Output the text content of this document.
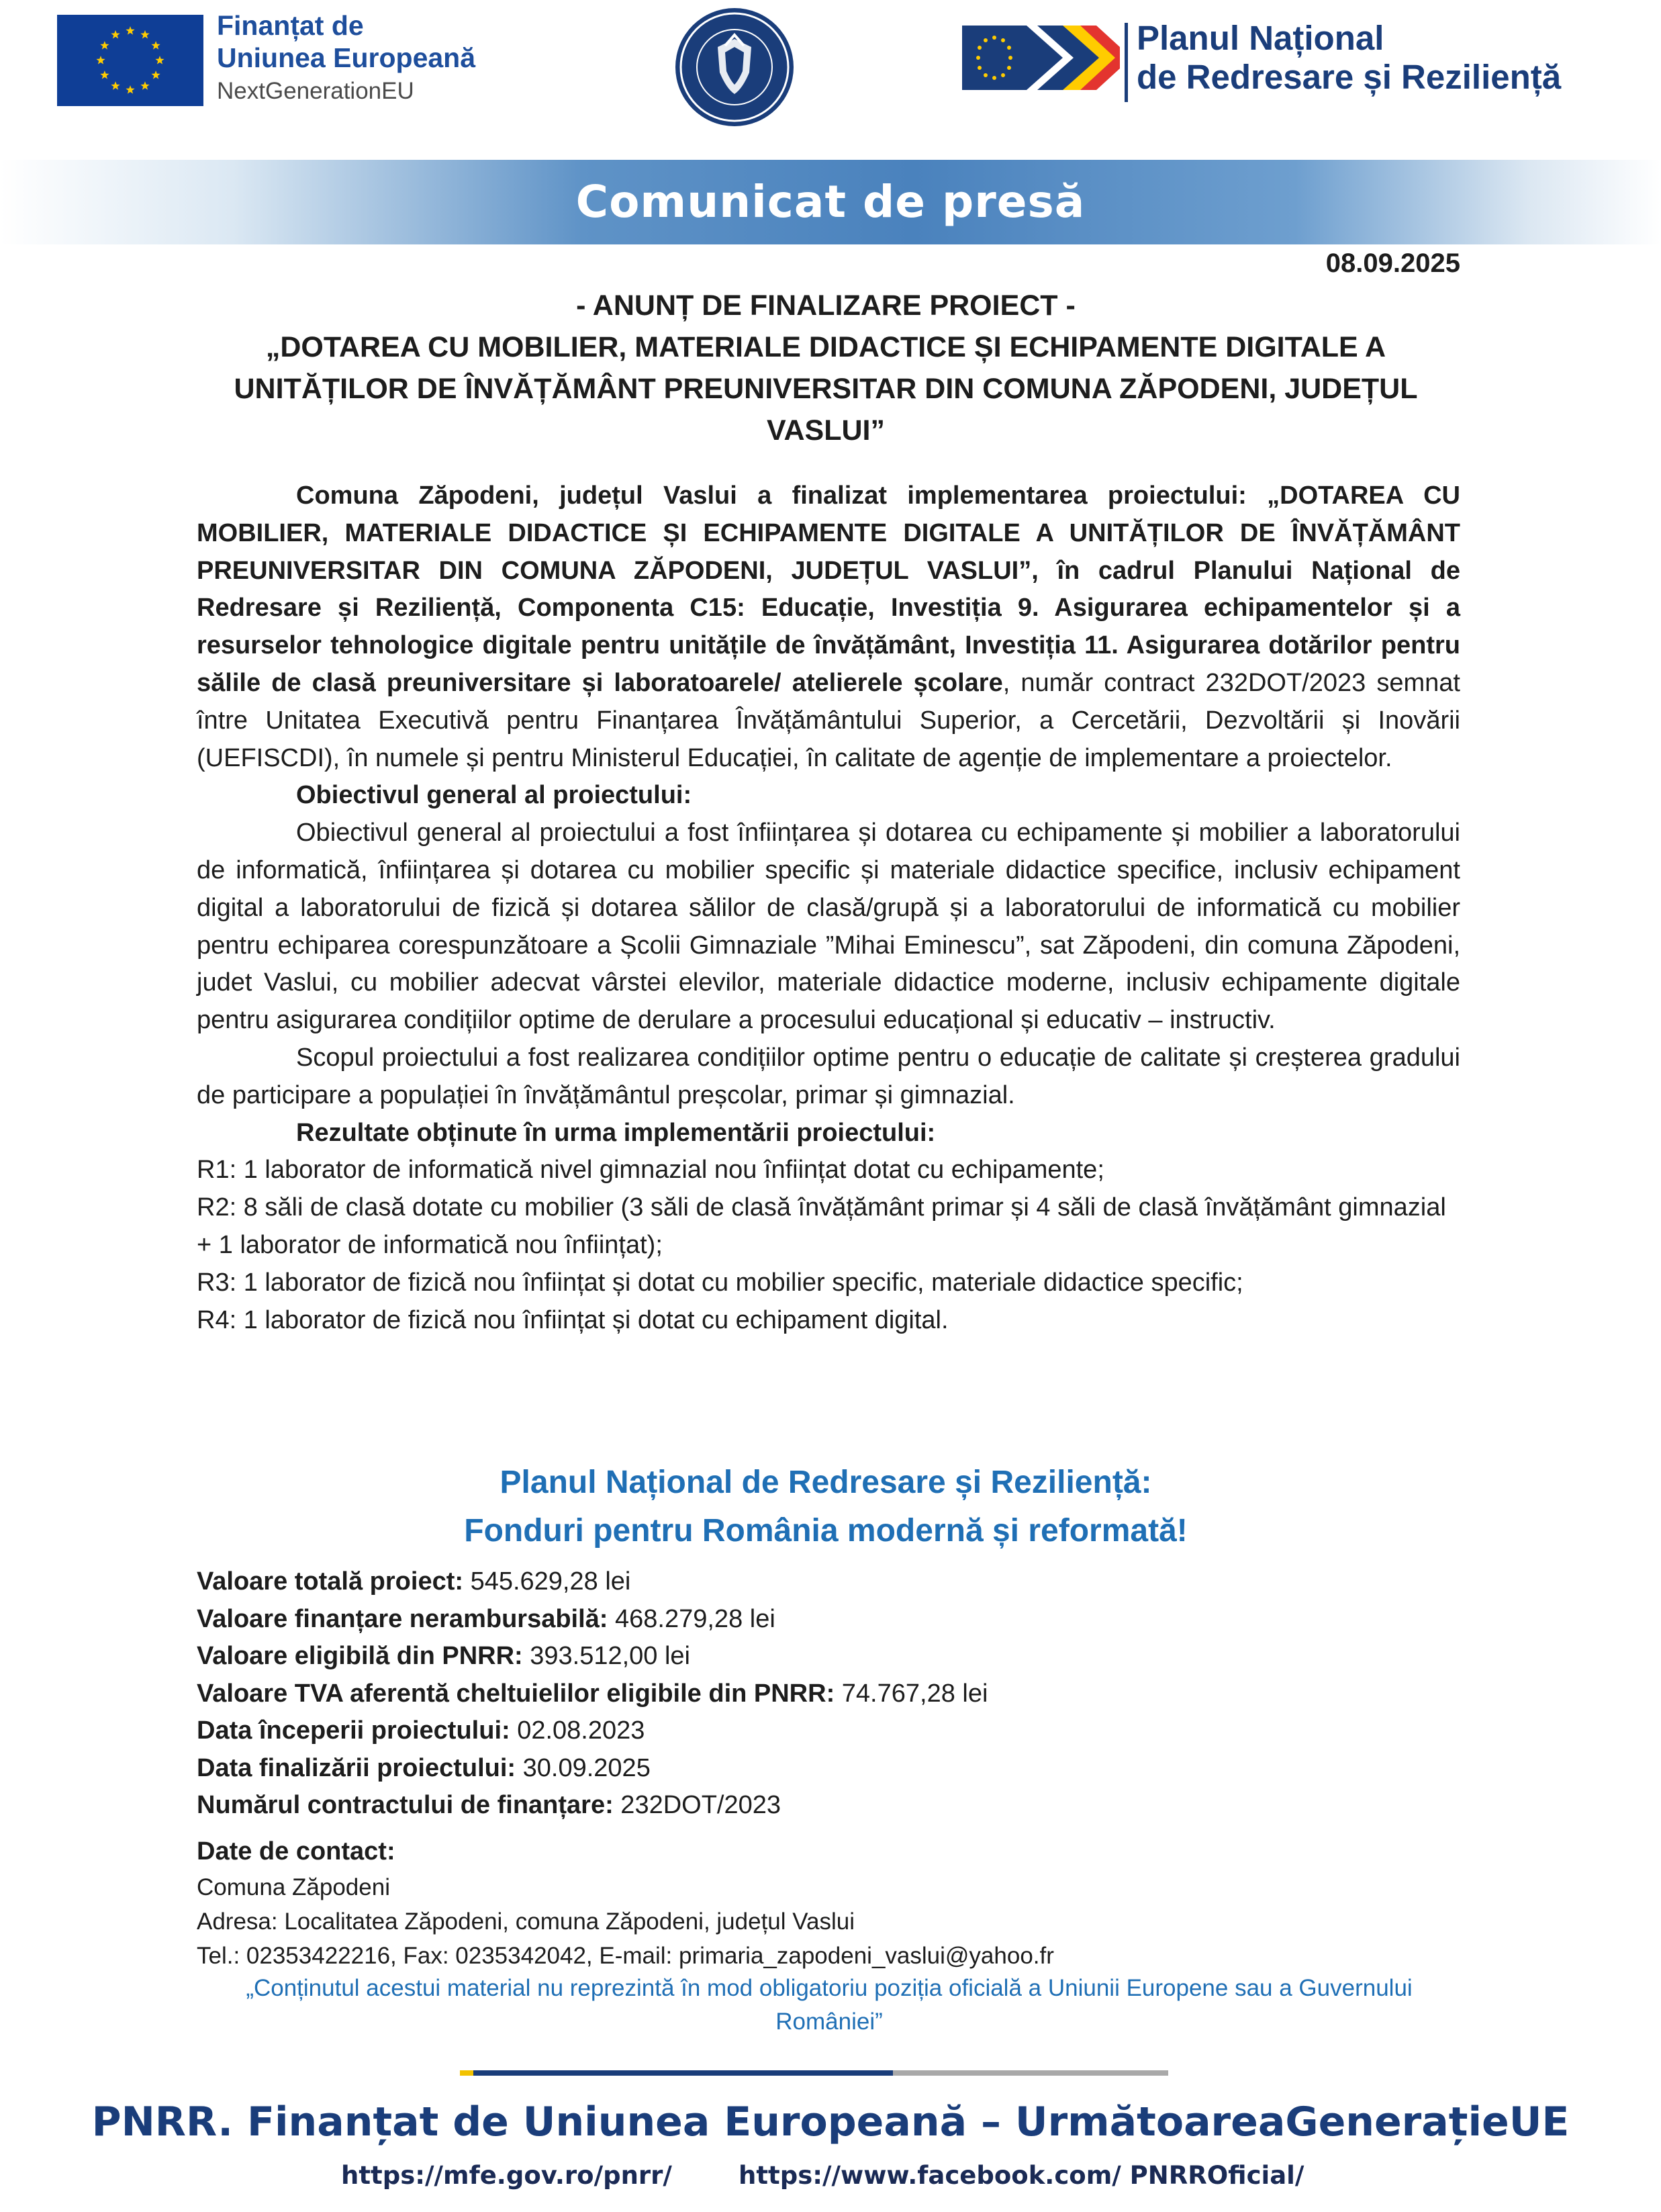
Finanțat de
Uniunea Europeană
NextGenerationEU
Planul Național
de Redresare și Reziliență
Comunicat de presă
08.09.2025
- ANUNȚ DE FINALIZARE PROIECT -
„DOTAREA CU MOBILIER, MATERIALE DIDACTICE ȘI ECHIPAMENTE DIGITALE A UNITĂȚILOR DE ÎNVĂȚĂMÂNT PREUNIVERSITAR DIN COMUNA ZĂPODENI, JUDEȚUL VASLUI”

Comuna Zăpodeni, județul Vaslui a finalizat implementarea proiectului: „DOTAREA CU MOBILIER, MATERIALE DIDACTICE ȘI ECHIPAMENTE DIGITALE A UNITĂȚILOR DE ÎNVĂȚĂMÂNT PREUNIVERSITAR DIN COMUNA ZĂPODENI, JUDEȚUL VASLUI”, în cadrul Planului Național de Redresare și Reziliență, Componenta C15: Educație, Investiția 9. Asigurarea echipamentelor și a resurselor tehnologice digitale pentru unitățile de învățământ, Investiția 11. Asigurarea dotărilor pentru sălile de clasă preuniversitare și laboratoarele/ atelierele școlare, număr contract 232DOT/2023 semnat între Unitatea Executivă pentru Finanțarea Învățământului Superior, a Cercetării, Dezvoltării și Inovării (UEFISCDI), în numele și pentru Ministerul Educației, în calitate de agenție de implementare a proiectelor.

Obiectivul general al proiectului:

Obiectivul general al proiectului a fost înființarea și dotarea cu echipamente și mobilier a laboratorului de informatică, înființarea și dotarea cu mobilier specific și materiale didactice specifice, inclusiv echipament digital a laboratorului de fizică și dotarea sălilor de clasă/grupă și a laboratorului de informatică cu mobilier pentru echiparea corespunzătoare a Școlii Gimnaziale ”Mihai Eminescu”, sat Zăpodeni, din comuna Zăpodeni, judet Vaslui, cu mobilier adecvat vârstei elevilor, materiale didactice moderne, inclusiv echipamente digitale pentru asigurarea condițiilor optime de derulare a procesului educațional și educativ – instructiv.

Scopul proiectului a fost realizarea condițiilor optime pentru o educație de calitate și creșterea gradului de participare a populației în învățământul preșcolar, primar și gimnazial.

Rezultate obținute în urma implementării proiectului:

R1: 1 laborator de informatică nivel gimnazial nou înființat dotat cu echipamente;

R2: 8 săli de clasă dotate cu mobilier (3 săli de clasă învățământ primar și 4 săli de clasă învățământ gimnazial + 1 laborator de informatică nou înființat);

R3: 1 laborator de fizică nou înființat și dotat cu mobilier specific, materiale didactice specific;

R4: 1 laborator de fizică nou înființat și dotat cu echipament digital.

Planul Național de Redresare și Reziliență:
Fonduri pentru România modernă și reformată!
Valoare totală proiect: 545.629,28 lei
Valoare finanțare nerambursabilă: 468.279,28 lei
Valoare eligibilă din PNRR: 393.512,00 lei
Valoare TVA aferentă cheltuielilor eligibile din PNRR: 74.767,28 lei
Data începerii proiectului: 02.08.2023
Data finalizării proiectului: 30.09.2025
Numărul contractului de finanțare: 232DOT/2023
Date de contact:
Comuna Zăpodeni
Adresa: Localitatea Zăpodeni, comuna Zăpodeni, județul Vaslui
Tel.: 02353422216, Fax: 0235342042, E-mail: primaria_zapodeni_vaslui@yahoo.fr
„Conținutul acestui material nu reprezintă în mod obligatoriu poziția oficială a Uniunii Europene sau a Guvernului României”
PNRR. Finanțat de Uniunea Europeană – UrmătoareaGenerațieUE
https://mfe.gov.ro/pnrr/	https://www.facebook.com/ PNRROficial/
